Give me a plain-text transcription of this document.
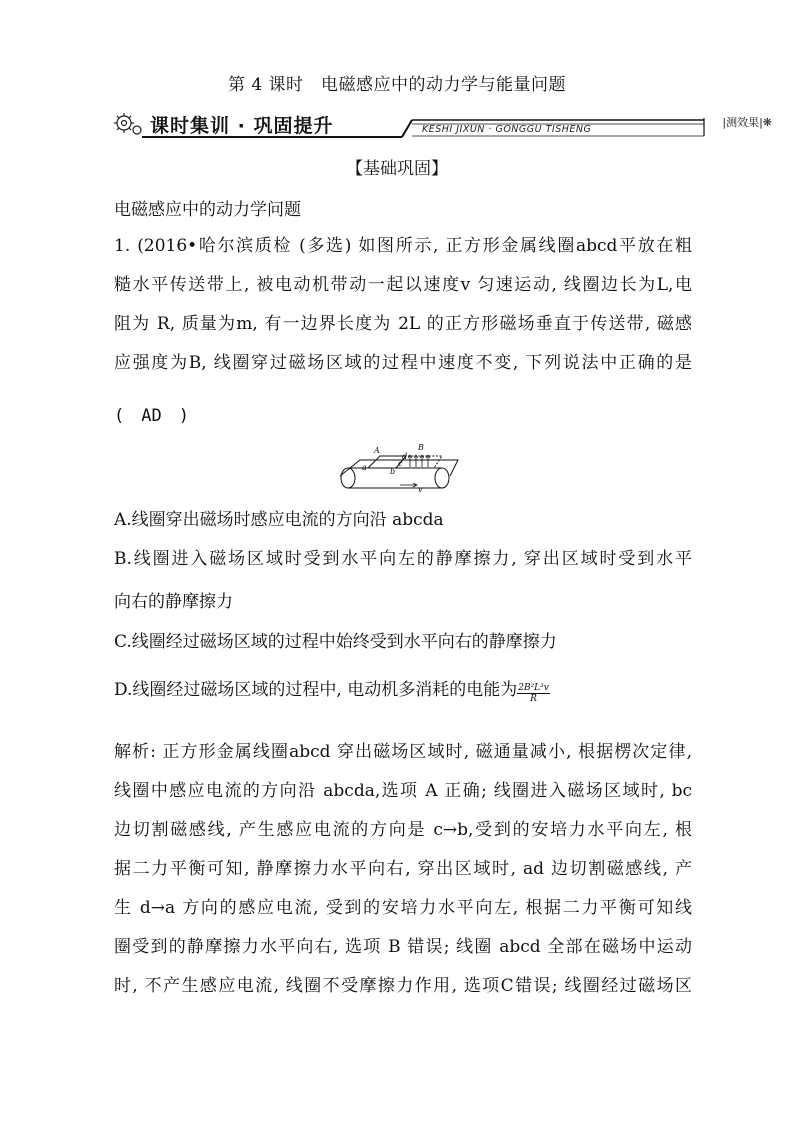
第 4 课时　电磁感应中的动力学与能量问题
课时集训 · 巩固提升	KESHI JIXUN · GONGGU TISHENG
|测效果|❋
【基础巩固】
电磁感应中的动力学问题
1. (2016•哈尔滨质检 (多选) 如图所示, 正方形金属线圈abcd平放在粗
糙水平传送带上, 被电动机带动一起以速度v 匀速运动, 线圈边长为L,电
阻为 R, 质量为m, 有一边界长度为 2L 的正方形磁场垂直于传送带, 磁感
应强度为B, 线圈穿过磁场区域的过程中速度不变, 下列说法中正确的是
(　AD　)
A	B
a	b
c
d
v
A.线圈穿出磁场时感应电流的方向沿 abcda
B.线圈进入磁场区域时受到水平向左的静摩擦力, 穿出区域时受到水平
向右的静摩擦力
C.线圈经过磁场区域的过程中始终受到水平向右的静摩擦力
D.线圈经过磁场区域的过程中, 电动机多消耗的电能为 $\frac{\text{2B²L³v}}{R}$
解析: 正方形金属线圈abcd 穿出磁场区域时, 磁通量减小, 根据楞次定律,
线圈中感应电流的方向沿 abcda,选项 A 正确; 线圈进入磁场区域时, bc
边切割磁感线, 产生感应电流的方向是 c→b,受到的安培力水平向左, 根
据二力平衡可知, 静摩擦力水平向右, 穿出区域时, ad 边切割磁感线, 产
生 d→a 方向的感应电流, 受到的安培力水平向左, 根据二力平衡可知线
圈受到的静摩擦力水平向右, 选项 B 错误; 线圈 abcd 全部在磁场中运动
时, 不产生感应电流, 线圈不受摩擦力作用, 选项C错误; 线圈经过磁场区
